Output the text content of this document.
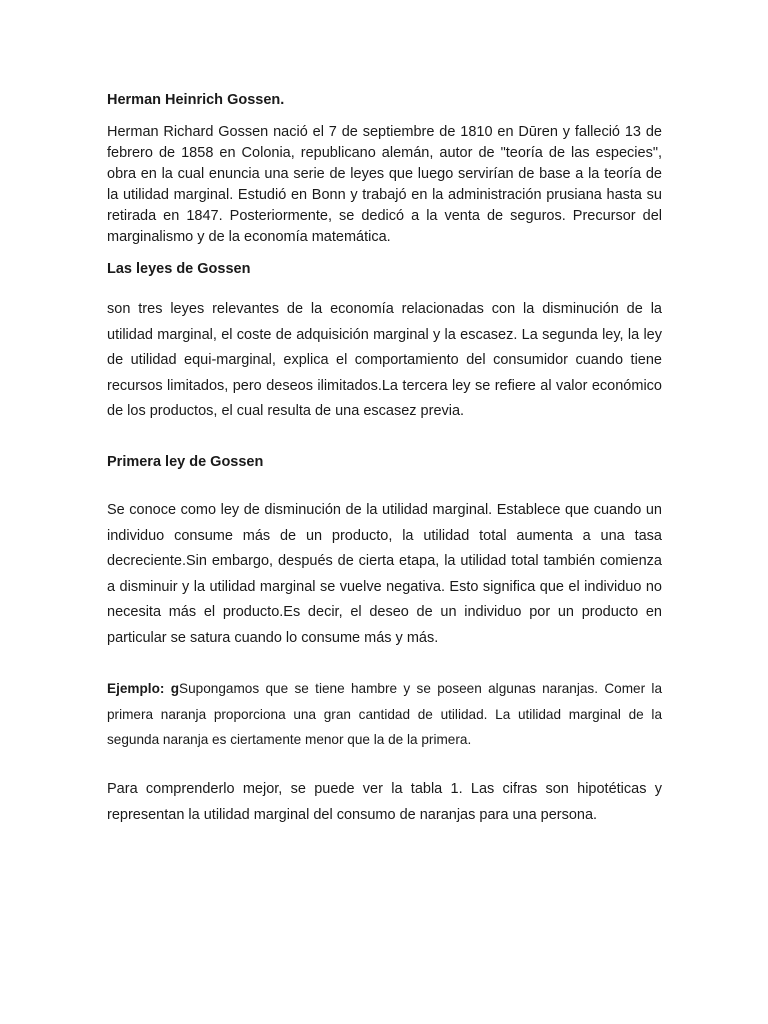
Herman Heinrich Gossen.

Herman Richard Gossen nació el 7 de septiembre de 1810 en Dūren y falleció 13 de febrero de 1858 en Colonia, republicano alemán, autor de "teoría de las especies", obra en la cual enuncia una serie de leyes que luego servirían de base a la teoría de la utilidad marginal. Estudió en Bonn y trabajó en la administración prusiana hasta su retirada en 1847. Posteriormente, se dedicó a la venta de seguros. Precursor del marginalismo y de la economía matemática.

Las leyes de Gossen

son tres leyes relevantes de la economía relacionadas con la disminución de la utilidad marginal, el coste de adquisición marginal y la escasez. La segunda ley, la ley de utilidad equi-marginal, explica el comportamiento del consumidor cuando tiene recursos limitados, pero deseos ilimitados.La tercera ley se refiere al valor económico de los productos, el cual resulta de una escasez previa.

Primera ley de Gossen

Se conoce como ley de disminución de la utilidad marginal. Establece que cuando un individuo consume más de un producto, la utilidad total aumenta a una tasa decreciente.Sin embargo, después de cierta etapa, la utilidad total también comienza a disminuir y la utilidad marginal se vuelve negativa. Esto significa que el individuo no necesita más el producto.Es decir, el deseo de un individuo por un producto en particular se satura cuando lo consume más y más.

Ejemplo: gSupongamos que se tiene hambre y se poseen algunas naranjas. Comer la primera naranja proporciona una gran cantidad de utilidad. La utilidad marginal de la segunda naranja es ciertamente menor que la de la primera.

Para comprenderlo mejor, se puede ver la tabla 1. Las cifras son hipotéticas y representan la utilidad marginal del consumo de naranjas para una persona.
